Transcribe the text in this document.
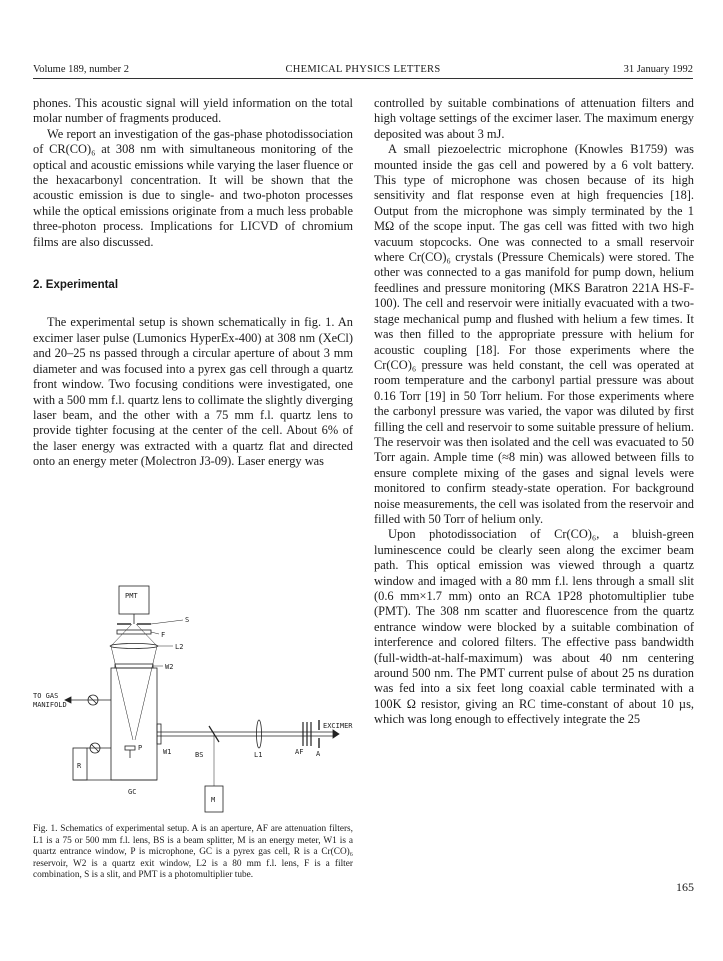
Volume 189, number 2	CHEMICAL PHYSICS LETTERS	31 January 1992

phones. This acoustic signal will yield information on the total molar number of fragments produced.

We report an investigation of the gas-phase photodissociation of CR(CO)₆ at 308 nm with simultaneous monitoring of the optical and acoustic emissions while varying the laser fluence or the hexacarbonyl concentration. It will be shown that the acoustic emission is due to single- and two-photon processes while the optical emissions originate from a much less probable three-photon process. Implications for LICVD of chromium films are also discussed.

2. Experimental

The experimental setup is shown schematically in fig. 1. An excimer laser pulse (Lumonics HyperEx-400) at 308 nm (XeCl) and 20–25 ns passed through a circular aperture of about 3 mm diameter and was focused into a pyrex gas cell through a quartz front window. Two focusing conditions were investigated, one with a 500 mm f.l. quartz lens to collimate the slightly diverging laser beam, and the other with a 75 mm f.l. quartz lens to provide tighter focusing at the center of the cell. About 6% of the laser energy was extracted with a quartz flat and directed onto an energy meter (Molectron J3-09). Laser energy was

controlled by suitable combinations of attenuation filters and high voltage settings of the excimer laser. The maximum energy deposited was about 3 mJ.

A small piezoelectric microphone (Knowles B1759) was mounted inside the gas cell and powered by a 6 volt battery. This type of microphone was chosen because of its high sensitivity and flat response even at high frequencies [18]. Output from the microphone was simply terminated by the 1 MΩ of the scope input. The gas cell was fitted with two high vacuum stopcocks. One was connected to a small reservoir where Cr(CO)₆ crystals (Pressure Chemicals) were stored. The other was connected to a gas manifold for pump down, helium feedlines and pressure monitoring (MKS Baratron 221A HS-F-100). The cell and reservoir were initially evacuated with a two-stage mechanical pump and flushed with helium a few times. It was then filled to the appropriate pressure with helium for acoustic coupling [18]. For those experiments where the Cr(CO)₆ pressure was held constant, the cell was operated at room temperature and the carbonyl partial pressure was about 0.16 Torr [19] in 50 Torr helium. For those experiments where the carbonyl pressure was varied, the vapor was diluted by first filling the cell and reservoir to some suitable pressure of helium. The reservoir was then isolated and the cell was evacuated to 50 Torr again. Ample time (≈8 min) was allowed between fills to ensure complete mixing of the gases and signal levels were monitored to confirm steady-state operation. For background noise measurements, the cell was isolated from the reservoir and filled with 50 Torr of helium only.

Upon photodissociation of Cr(CO)₆, a bluish-green luminescence could be clearly seen along the excimer beam path. This optical emission was viewed through a quartz window and imaged with a 80 mm f.l. lens through a small slit (0.6 mm×1.7 mm) onto an RCA 1P28 photomultiplier tube (PMT). The 308 nm scatter and fluorescence from the quartz entrance window were blocked by a suitable combination of interference and colored filters. The effective pass bandwidth (full-width-at-half-maximum) was about 40 nm centering around 500 nm. The PMT current pulse of about 25 ns duration was fed into a six feet long coaxial cable terminated with a 100K Ω resistor, giving an RC time-constant of about 10 µs, which was long enough to effectively integrate the 25

PMT
S
F
L2
W2
TO GAS
MANIFOLD
EXCIMER
AF A
L1
BS
W1
P
R
M
GC
Fig. 1. Schematics of experimental setup. A is an aperture, AF are attenuation filters, L1 is a 75 or 500 mm f.l. lens, BS is a beam splitter, M is an energy meter, W1 is a quartz entrance window, P is microphone, GC is a pyrex gas cell, R is a Cr(CO)₆ reservoir, W2 is a quartz exit window, L2 is a 80 mm f.l. lens, F is a filter combination, S is a slit, and PMT is a photomultiplier tube.
165
